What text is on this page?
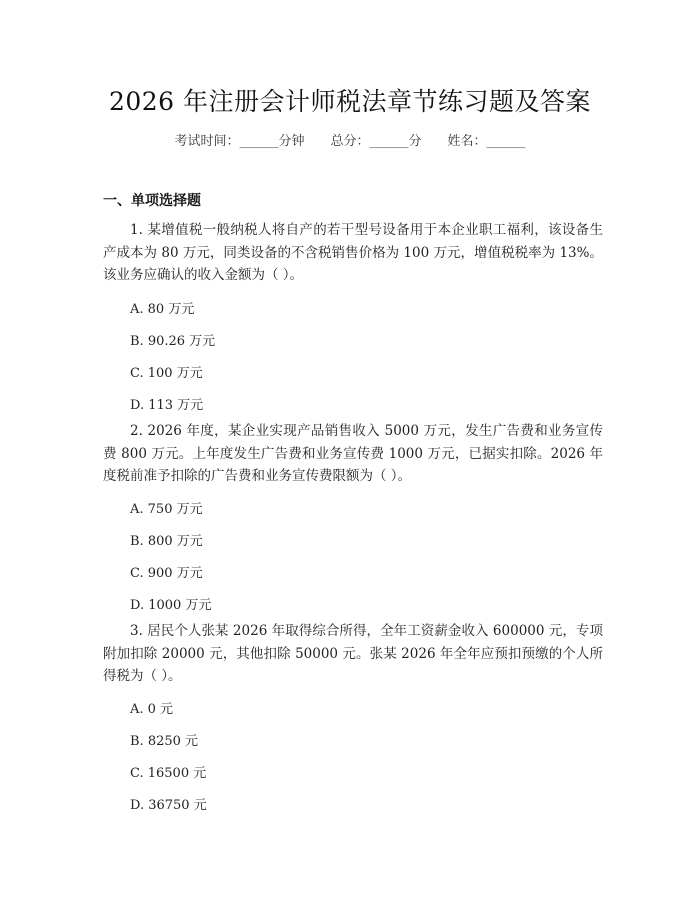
2026 年注册会计师税法章节练习题及答案
考试时间：______分钟 总分：______分 姓名：______
一、单项选择题
1. 某增值税一般纳税人将自产的若干型号设备用于本企业职工福利，该设备生产成本为 80 万元，同类设备的不含税销售价格为 100 万元，增值税税率为 13%。该业务应确认的收入金额为（ ）。
A. 80 万元
B. 90.26 万元
C. 100 万元
D. 113 万元
2. 2026 年度，某企业实现产品销售收入 5000 万元，发生广告费和业务宣传费 800 万元。上年度发生广告费和业务宣传费 1000 万元，已据实扣除。2026 年度税前准予扣除的广告费和业务宣传费限额为（ ）。
A. 750 万元
B. 800 万元
C. 900 万元
D. 1000 万元
3. 居民个人张某 2026 年取得综合所得，全年工资薪金收入 600000 元，专项附加扣除 20000 元，其他扣除 50000 元。张某 2026 年全年应预扣预缴的个人所得税为（ ）。
A. 0 元
B. 8250 元
C. 16500 元
D. 36750 元
